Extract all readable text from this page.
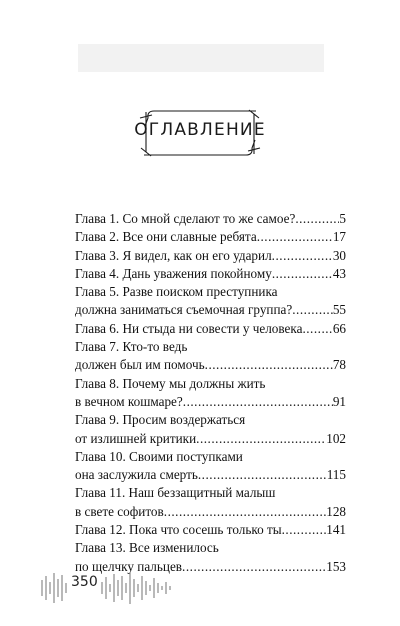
ОГЛАВЛЕНИЕ
Глава 1. Со мной сделают то же самое? .....	5
Глава 2. Все они славные ребята .....	17
Глава 3. Я видел, как он его ударил .....	30
Глава 4. Дань уважения покойному .....	43
Глава 5. Разве поиском преступника
должна заниматься съемочная группа? .....	55
Глава 6. Ни стыда ни совести у человека ..... 66
Глава 7. Кто-то ведь
должен был им помочь .....	78
Глава 8. Почему мы должны жить
в вечном кошмаре? .....	91
Глава 9. Просим воздержаться
от излишней критики .....	102
Глава 10. Своими поступками
она заслужила смерть .....	115
Глава 11. Наш беззащитный малыш
в свете софитов .....	128
Глава 12. Пока что сосешь только ты .....	141
Глава 13. Все изменилось
по щелчку пальцев .....	153
350
